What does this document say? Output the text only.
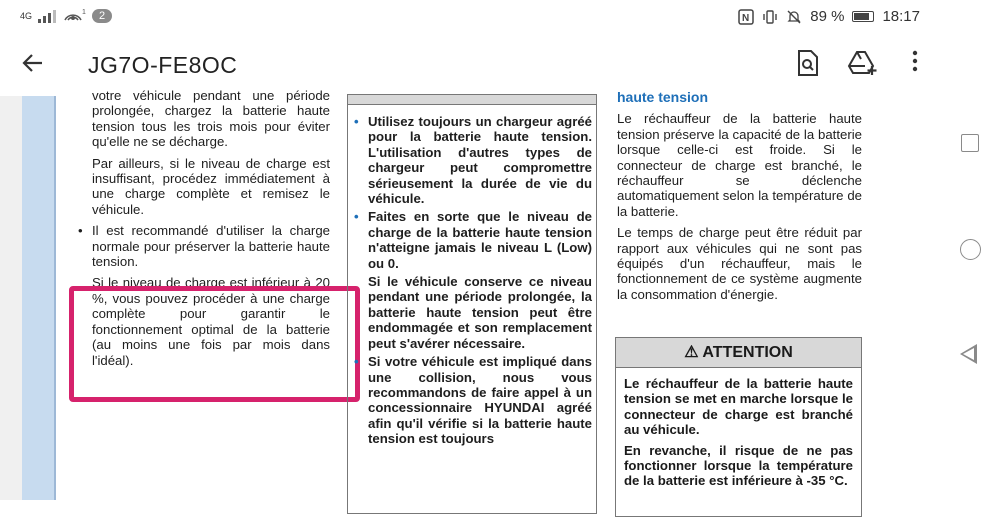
4G	1	2	N	89 %	18:17
JG7O-FE8OC

votre véhicule pendant une période prolongée, chargez la batterie haute tension tous les trois mois pour éviter qu'elle ne se décharge.

Par ailleurs, si le niveau de charge est insuffisant, procédez immédiatement à une charge complète et remisez le véhicule.

• Il est recommandé d'utiliser la charge normale pour préserver la batterie haute tension.

Si le niveau de charge est inférieur à 20 %, vous pouvez procéder à une charge complète pour garantir le fonctionnement optimal de la batterie (au moins une fois par mois dans l'idéal).

• Utilisez toujours un chargeur agréé pour la batterie haute tension. L'utilisation d'autres types de chargeur peut compromettre sérieusement la durée de vie du véhicule.

• Faites en sorte que le niveau de charge de la batterie haute tension n'atteigne jamais le niveau L (Low) ou 0.

Si le véhicule conserve ce niveau pendant une période prolongée, la batterie haute tension peut être endommagée et son remplacement peut s'avérer nécessaire.

• Si votre véhicule est impliqué dans une collision, nous vous recommandons de faire appel à un concessionnaire HYUNDAI agréé afin qu'il vérifie si la batterie haute tension est toujours

haute tension

Le réchauffeur de la batterie haute tension préserve la capacité de la batterie lorsque celle-ci est froide. Si le connecteur de charge est branché, le réchauffeur se déclenche automatiquement selon la température de la batterie.

Le temps de charge peut être réduit par rapport aux véhicules qui ne sont pas équipés d'un réchauffeur, mais le fonctionnement de ce système augmente la consommation d'énergie.

⚠ ATTENTION

Le réchauffeur de la batterie haute tension se met en marche lorsque le connecteur de charge est branché au véhicule.

En revanche, il risque de ne pas fonctionner lorsque la température de la batterie est inférieure à -35 °C.
